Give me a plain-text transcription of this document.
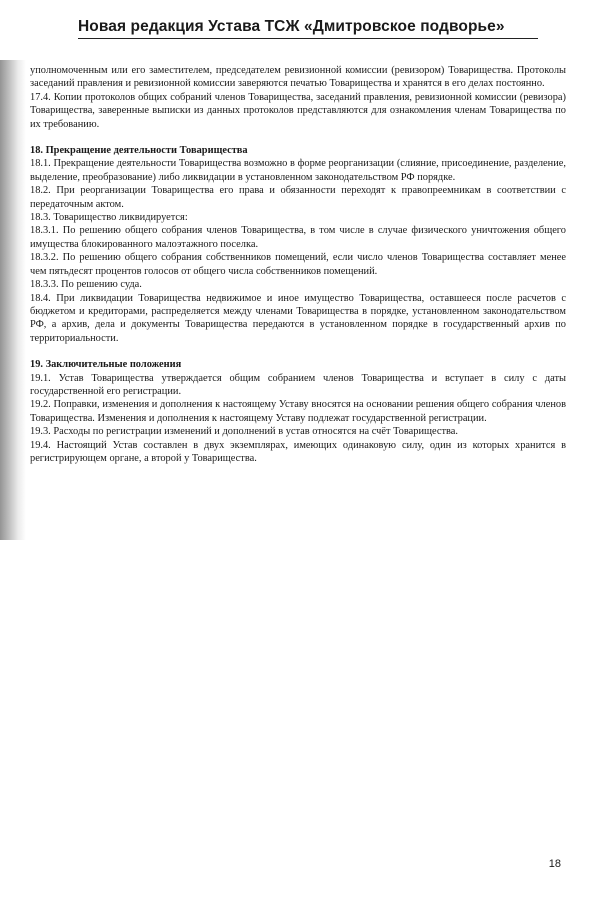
Новая редакция Устава ТСЖ «Дмитровское подворье»

уполномоченным или его заместителем, председателем ревизионной комиссии (ревизором) Товарищества. Протоколы заседаний правления и ревизионной комиссии заверяются печатью Товарищества и хранятся в его делах постоянно.

17.4. Копии протоколов общих собраний членов Товарищества, заседаний правления, ревизионной комиссии (ревизора) Товарищества, заверенные выписки из данных протоколов представляются для ознакомления членам Товарищества по их требованию.

18. Прекращение деятельности Товарищества

18.1. Прекращение деятельности Товарищества возможно в форме реорганизации (слияние, присоединение, разделение, выделение, преобразование) либо ликвидации в установленном законодательством РФ порядке.

18.2. При реорганизации Товарищества его права и обязанности переходят к правопреемникам в соответствии с передаточным актом.

18.3. Товарищество ликвидируется:

18.3.1. По решению общего собрания членов Товарищества, в том числе в случае физического уничтожения общего имущества блокированного малоэтажного поселка.

18.3.2. По решению общего собрания собственников помещений, если число членов Товарищества составляет менее чем пятьдесят процентов голосов от общего числа собственников помещений.

18.3.3. По решению суда.

18.4. При ликвидации Товарищества недвижимое и иное имущество Товарищества, оставшееся после расчетов с бюджетом и кредиторами, распределяется между членами Товарищества в порядке, установленном законодательством РФ, а архив, дела и документы Товарищества передаются в установленном порядке в государственный архив по территориальности.

19. Заключительные положения

19.1. Устав Товарищества утверждается общим собранием членов Товарищества и вступает в силу с даты государственной его регистрации.

19.2. Поправки, изменения и дополнения к настоящему Уставу вносятся на основании решения общего собрания членов Товарищества. Изменения и дополнения к настоящему Уставу подлежат государственной регистрации.

19.3. Расходы по регистрации изменений и дополнений в устав относятся на счёт Товарищества.

19.4. Настоящий Устав составлен в двух экземплярах, имеющих одинаковую силу, один из которых хранится в регистрирующем органе, а второй у Товарищества.

18
